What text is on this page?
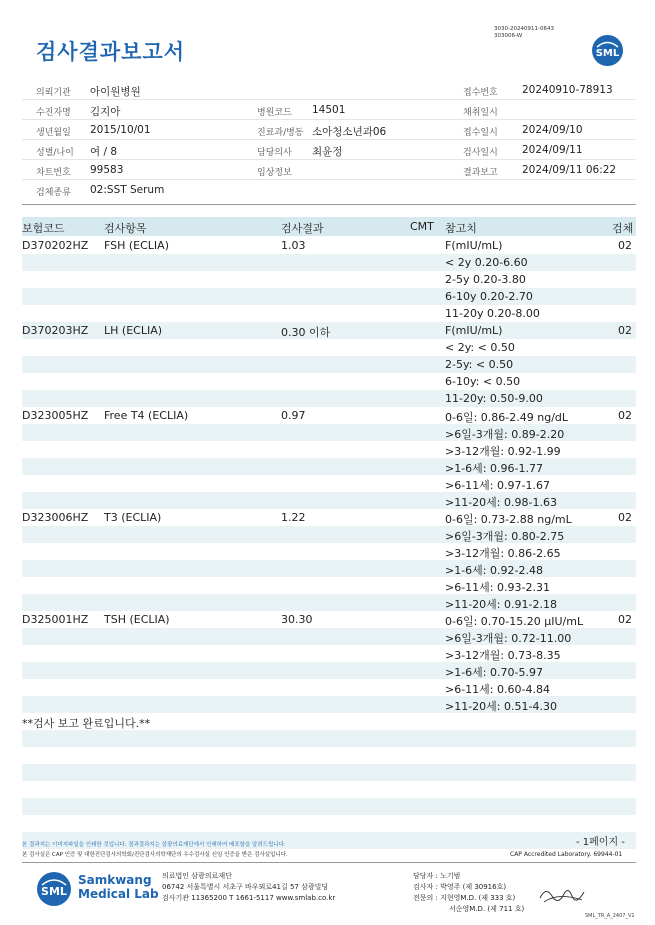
검사결과보고서
3030-20240911-0643
303006-W
SML
의뢰기관 아이원병원	접수번호 20240910-78913
수진자명 김지아	병원코드 14501	채취일시
생년월일 2015/10/01	진료과/병동 소아청소년과06	접수일시 2024/09/10
성별/나이 여 / 8	담당의사 최윤정	검사일시 2024/09/11
차트번호 99583	임상정보	결과보고 2024/09/11 06:22
검체종류 02:SST Serum
보험코드	검사항목	검사결과	CMT 참고치	검체
D370202HZ FSH (ECLIA)	1.03	F(mIU/mL)	02
< 2y 0.20-6.60
2-5y 0.20-3.80
6-10y 0.20-2.70
11-20y 0.20-8.00
D370203HZ LH (ECLIA)	0.30 이하	F(mIU/mL)	02
< 2y: < 0.50
2-5y: < 0.50
6-10y: < 0.50
11-20y: 0.50-9.00
D323005HZ Free T4 (ECLIA)	0.97	0-6일: 0.86-2.49 ng/dL	02
>6일-3개월: 0.89-2.20
>3-12개월: 0.92-1.99
>1-6세: 0.96-1.77
>6-11세: 0.97-1.67
>11-20세: 0.98-1.63
D323006HZ T3 (ECLIA)	1.22	0-6일: 0.73-2.88 ng/mL	02
>6일-3개월: 0.80-2.75
>3-12개월: 0.86-2.65
>1-6세: 0.92-2.48
>6-11세: 0.93-2.31
>11-20세: 0.91-2.18
D325001HZ TSH (ECLIA)	30.30	0-6일: 0.70-15.20 µIU/mL	02
>6일-3개월: 0.72-11.00
>3-12개월: 0.73-8.35
>1-6세: 0.70-5.97
>6-11세: 0.60-4.84
>11-20세: 0.51-4.30
**검사 보고 완료입니다.**
본 결과지는 이미지파일을 인쇄한 것입니다. 결과결과지는 삼광의료재단에서 인쇄하여 배포함을 알려드립니다.
본 검사실은 CAP 인증 및 대한진단검사의학회/진단검사의학재단의 우수검사실 신임 인증을 받은 검사실입니다.
- 1페이지 -
CAP Accredited Laboratory. 69944-01
SML
Samkwang
Medical Lab
의료법인 삼광의료재단
06742 서울특별시 서초구 바우뫼로41길 57 삼광빌딩
검사기관 11365200 T 1661-5117 www.smlab.co.kr
담당자 : 노기범
검사자 : 박영주 (제 30916호)
전문의 : 지현영M.D. (제 333 호)
서순영M.D. (제 711 호)
SML_TR_A_2407_V1
